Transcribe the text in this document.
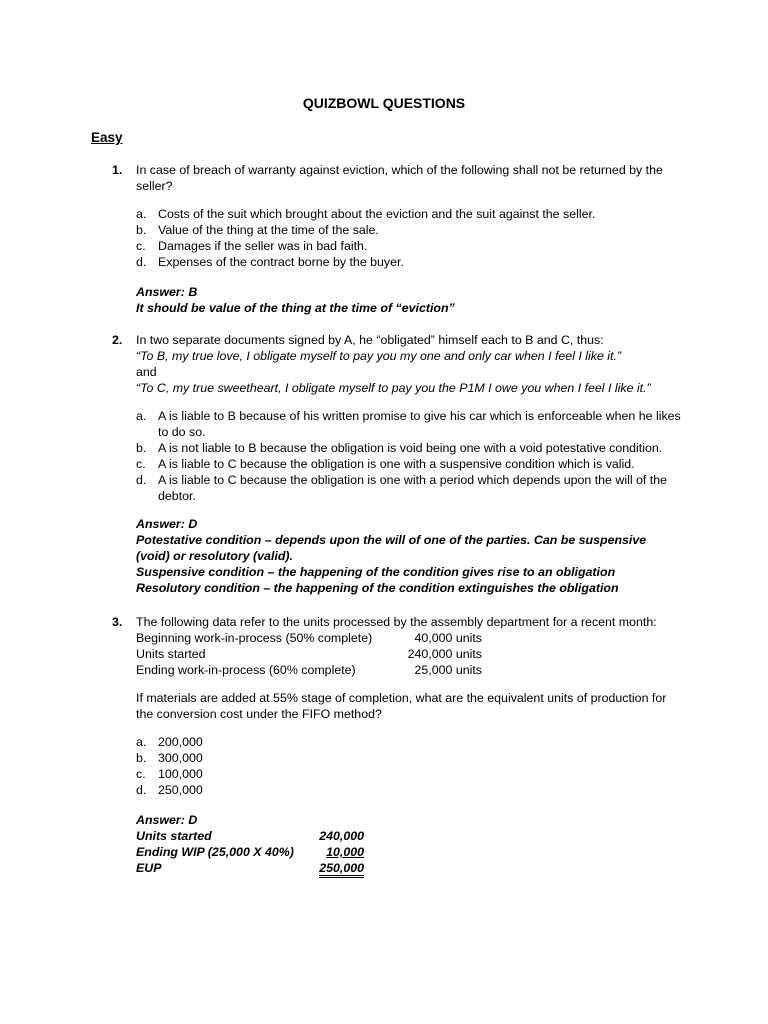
QUIZBOWL QUESTIONS
Easy
1. In case of breach of warranty against eviction, which of the following shall not be returned by the seller?
a. Costs of the suit which brought about the eviction and the suit against the seller.
b. Value of the thing at the time of the sale.
c. Damages if the seller was in bad faith.
d. Expenses of the contract borne by the buyer.
Answer: B
It should be value of the thing at the time of “eviction”
2. In two separate documents signed by A, he “obligated” himself each to B and C, thus:
“To B, my true love, I obligate myself to pay you my one and only car when I feel I like it.”
and
“To C, my true sweetheart, I obligate myself to pay you the P1M I owe you when I feel I like it.”
a. A is liable to B because of his written promise to give his car which is enforceable when he likes to do so.
b. A is not liable to B because the obligation is void being one with a void potestative condition.
c. A is liable to C because the obligation is one with a suspensive condition which is valid.
d. A is liable to C because the obligation is one with a period which depends upon the will of the debtor.
Answer: D
Potestative condition – depends upon the will of one of the parties. Can be suspensive (void) or resolutory (valid).
Suspensive condition – the happening of the condition gives rise to an obligation
Resolutory condition – the happening of the condition extinguishes the obligation
3. The following data refer to the units processed by the assembly department for a recent month:
Beginning work-in-process (50% complete)	40,000 units
Units started	240,000 units
Ending work-in-process (60% complete)	25,000 units
If materials are added at 55% stage of completion, what are the equivalent units of production for the conversion cost under the FIFO method?
a. 200,000
b. 300,000
c. 100,000
d. 250,000
Answer: D
Units started	240,000
Ending WIP (25,000 X 40%)	10,000
EUP	250,000
